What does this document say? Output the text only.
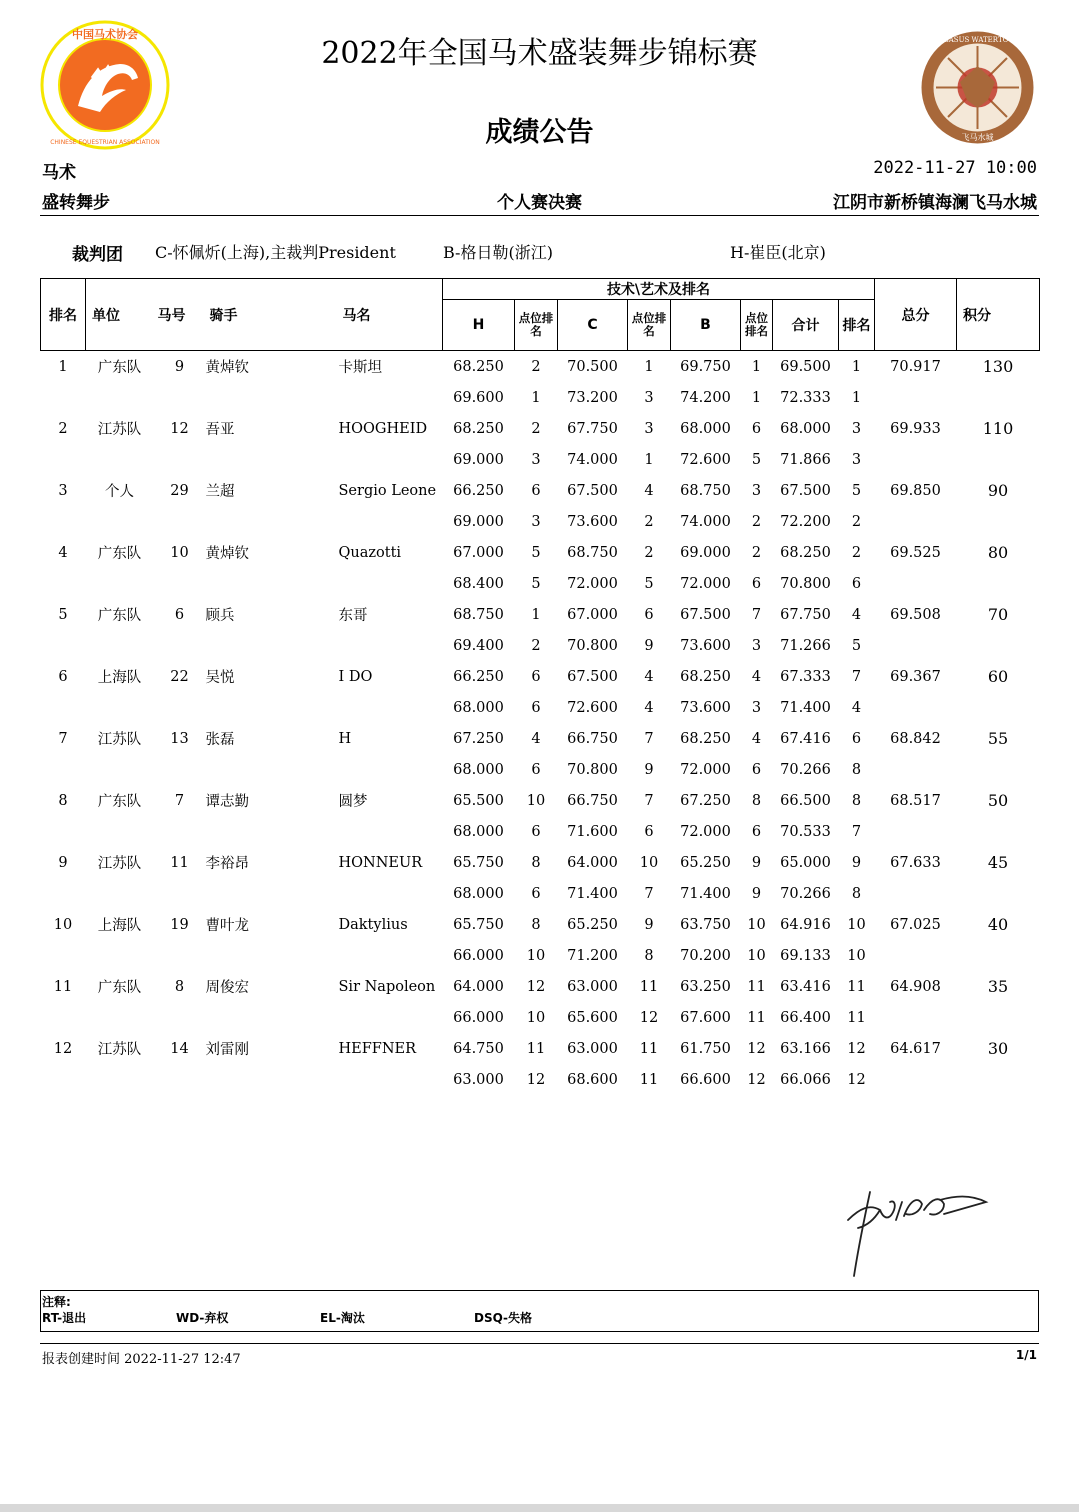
中国马术协会
CHINESE EQUESTRIAN ASSOCIATION
PEGASUS WATERTOWN
飞马水城
2022年全国马术盛装舞步锦标赛
成绩公告
马术	2022-11-27 10:00
盛转舞步	个人赛决赛	江阴市新桥镇海澜飞马水城
裁判团 C-怀佩炘(上海),主裁判President	B-格日勒(浙江)	H-崔臣(北京)
排名	单位	马号	骑手	马名	技术\艺术及排名								总分	积分
					H	点位排名	C	点位排名	B	点位排名	合计	排名		
1	广东队	9	黄焯钦	卡斯坦	68.250	2	70.500	1	69.750	1	69.500	1	70.917	130
					69.600	1	73.200	3	74.200	1	72.333	1		
2	江苏队	12	吾亚	HOOGHEID	68.250	2	67.750	3	68.000	6	68.000	3	69.933	110
					69.000	3	74.000	1	72.600	5	71.866	3		
3	个人	29	兰超	Sergio Leone	66.250	6	67.500	4	68.750	3	67.500	5	69.850	90
					69.000	3	73.600	2	74.000	2	72.200	2		
4	广东队	10	黄焯钦	Quazotti	67.000	5	68.750	2	69.000	2	68.250	2	69.525	80
					68.400	5	72.000	5	72.000	6	70.800	6		
5	广东队	6	顾兵	东哥	68.750	1	67.000	6	67.500	7	67.750	4	69.508	70
					69.400	2	70.800	9	73.600	3	71.266	5		
6	上海队	22	吴悦	I DO	66.250	6	67.500	4	68.250	4	67.333	7	69.367	60
					68.000	6	72.600	4	73.600	3	71.400	4		
7	江苏队	13	张磊	H	67.250	4	66.750	7	68.250	4	67.416	6	68.842	55
					68.000	6	70.800	9	72.000	6	70.266	8		
8	广东队	7	谭志勤	圆梦	65.500	10	66.750	7	67.250	8	66.500	8	68.517	50
					68.000	6	71.600	6	72.000	6	70.533	7		
9	江苏队	11	李裕昂	HONNEUR	65.750	8	64.000	10	65.250	9	65.000	9	67.633	45
					68.000	6	71.400	7	71.400	9	70.266	8		
10	上海队	19	曹叶龙	Daktylius	65.750	8	65.250	9	63.750	10	64.916	10	67.025	40
					66.000	10	71.200	8	70.200	10	69.133	10		
11	广东队	8	周俊宏	Sir Napoleon	64.000	12	63.000	11	63.250	11	63.416	11	64.908	35
					66.000	10	65.600	12	67.600	11	66.400	11		
12	江苏队	14	刘雷刚	HEFFNER	64.750	11	63.000	11	61.750	12	63.166	12	64.617	30
					63.000	12	68.600	11	66.600	12	66.066	12		
注释:
RT-退出	WD-弃权	EL-淘汰	DSQ-失格
报表创建时间 2022-11-27 12:47	1/1
